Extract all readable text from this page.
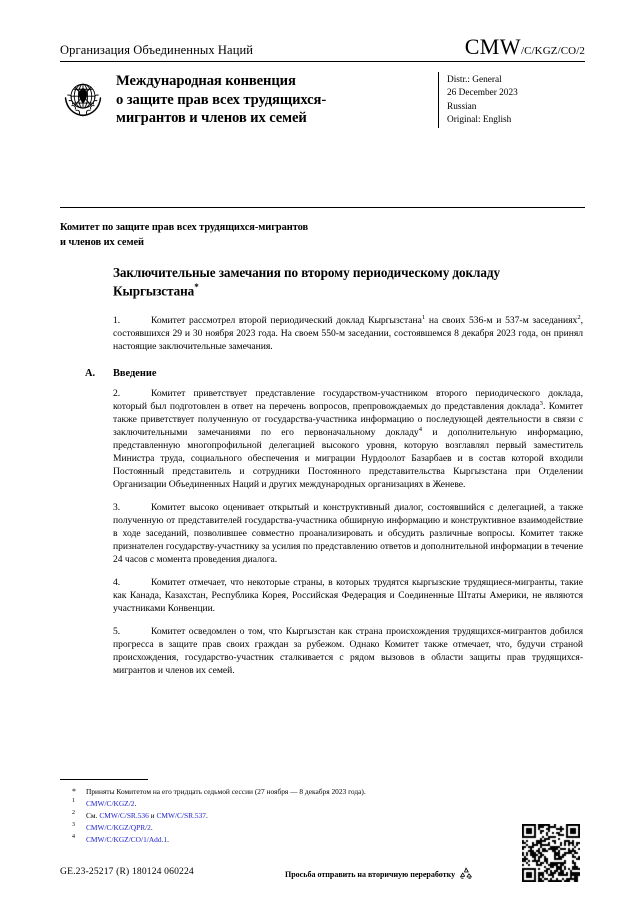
Организация Объединенных Наций	CMW/C/KGZ/CO/2
Международная конвенция
о защите прав всех трудящихся-
мигрантов и членов их семей
Distr.: General
26 December 2023
Russian
Original: English
Комитет по защите прав всех трудящихся-мигрантов
и членов их семей
Заключительные замечания по второму периодическому докладу Кыргызстана*

1.	Комитет рассмотрел второй периодический доклад Кыргызстана$^1$ на своих 536-м и 537-м заседаниях$^2$, состоявшихся 29 и 30 ноября 2023 года. На своем 550-м заседании, состоявшемся 8 декабря 2023 года, он принял настоящие заключительные замечания.

A.	Введение

2.	Комитет приветствует представление государством-участником второго периодического доклада, который был подготовлен в ответ на перечень вопросов, препровождаемых до представления доклада$^3$. Комитет также приветствует полученную от государства-участника информацию о последующей деятельности в связи с заключительными замечаниями по его первоначальному докладу$^4$ и дополнительную информацию, представленную многопрофильной делегацией высокого уровня, которую возглавлял первый заместитель Министра труда, социального обеспечения и миграции Нурдоолот Базарбаев и в состав которой входили Постоянный представитель и сотрудники Постоянного представительства Кыргызстана при Отделении Организации Объединенных Наций и других международных организациях в Женеве.

3.	Комитет высоко оценивает открытый и конструктивный диалог, состоявшийся с делегацией, а также полученную от представителей государства-участника обширную информацию и конструктивное взаимодействие в ходе заседаний, позволившее совместно проанализировать и обсудить различные вопросы. Комитет также признателен государству-участнику за усилия по представлению ответов и дополнительной информации в течение 24 часов с момента проведения диалога.

4.	Комитет отмечает, что некоторые страны, в которых трудятся кыргызские трудящиеся-мигранты, такие как Канада, Казахстан, Республика Корея, Российская Федерация и Соединенные Штаты Америки, не являются участниками Конвенции.

5.	Комитет осведомлен о том, что Кыргызстан как страна происхождения трудящихся-мигрантов добился прогресса в защите прав своих граждан за рубежом. Однако Комитет также отмечает, что, будучи страной происхождения, государство-участник сталкивается с рядом вызовов в области защиты прав трудящихся-мигрантов и членов их семей.

* Приняты Комитетом на его тридцать седьмой сессии (27 ноября — 8 декабря 2023 года).
1 CMW/C/KGZ/2.
2 См. CMW/C/SR.536 и CMW/C/SR.537.
3 CMW/C/KGZ/QPR/2.
4 CMW/C/KGZ/CO/1/Add.1.
GE.23-25217 (R) 180124 060224	Просьба отправить на вторичную переработку
